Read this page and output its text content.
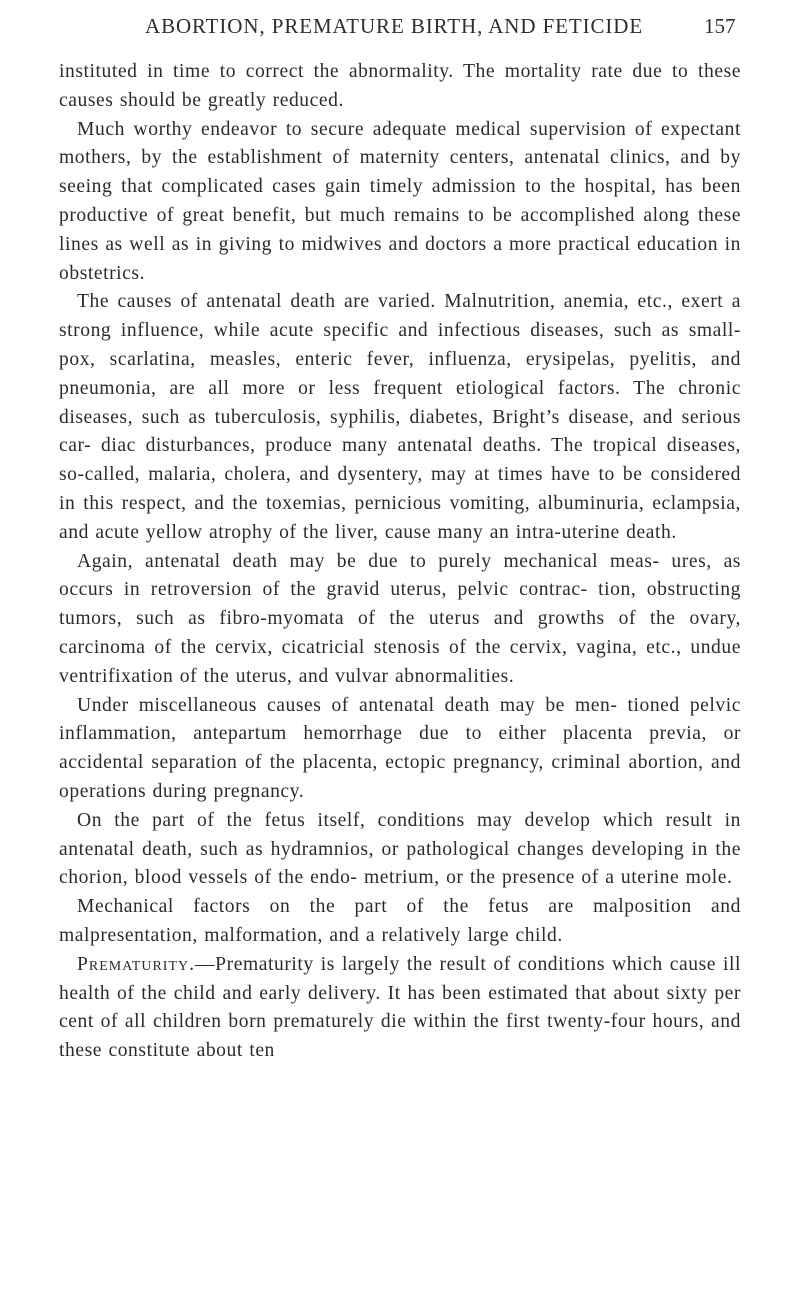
ABORTION, PREMATURE BIRTH, AND FETICIDE	157

instituted in time to correct the abnormality. The mortality rate due to these causes should be greatly reduced.

Much worthy endeavor to secure adequate medical supervision of expectant mothers, by the establishment of maternity centers, antenatal clinics, and by seeing that complicated cases gain timely admission to the hospital, has been productive of great benefit, but much remains to be accomplished along these lines as well as in giving to midwives and doctors a more practical education in obstetrics.

The causes of antenatal death are varied. Malnutrition, anemia, etc., exert a strong influence, while acute specific and infectious diseases, such as small-pox, scarlatina, measles, enteric fever, influenza, erysipelas, pyelitis, and pneumonia, are all more or less frequent etiological factors. The chronic diseases, such as tuberculosis, syphilis, diabetes, Bright’s disease, and serious car- diac disturbances, produce many antenatal deaths. The tropical diseases, so-called, malaria, cholera, and dysentery, may at times have to be considered in this respect, and the toxemias, pernicious vomiting, albuminuria, eclampsia, and acute yellow atrophy of the liver, cause many an intra-uterine death.

Again, antenatal death may be due to purely mechanical meas- ures, as occurs in retroversion of the gravid uterus, pelvic contrac- tion, obstructing tumors, such as fibro-myomata of the uterus and growths of the ovary, carcinoma of the cervix, cicatricial stenosis of the cervix, vagina, etc., undue ventrifixation of the uterus, and vulvar abnormalities.

Under miscellaneous causes of antenatal death may be men- tioned pelvic inflammation, antepartum hemorrhage due to either placenta previa, or accidental separation of the placenta, ectopic pregnancy, criminal abortion, and operations during pregnancy.

On the part of the fetus itself, conditions may develop which result in antenatal death, such as hydramnios, or pathological changes developing in the chorion, blood vessels of the endo- metrium, or the presence of a uterine mole.

Mechanical factors on the part of the fetus are malposition and malpresentation, malformation, and a relatively large child.

Prematurity.—Prematurity is largely the result of conditions which cause ill health of the child and early delivery. It has been estimated that about sixty per cent of all children born prematurely die within the first twenty-four hours, and these constitute about ten
